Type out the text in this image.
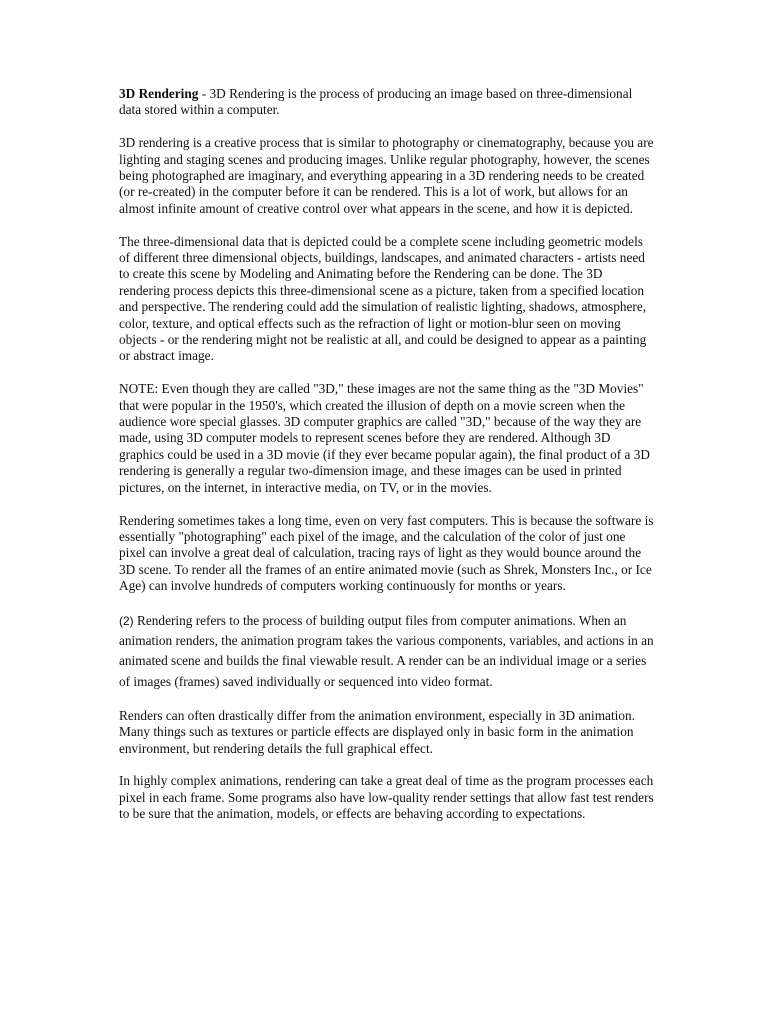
3D Rendering - 3D Rendering is the process of producing an image based on three-dimensional data stored within a computer.

3D rendering is a creative process that is similar to photography or cinematography, because you are lighting and staging scenes and producing images. Unlike regular photography, however, the scenes being photographed are imaginary, and everything appearing in a 3D rendering needs to be created (or re-created) in the computer before it can be rendered. This is a lot of work, but allows for an almost infinite amount of creative control over what appears in the scene, and how it is depicted.

The three-dimensional data that is depicted could be a complete scene including geometric models of different three dimensional objects, buildings, landscapes, and animated characters - artists need to create this scene by Modeling and Animating before the Rendering can be done. The 3D rendering process depicts this three-dimensional scene as a picture, taken from a specified location and perspective. The rendering could add the simulation of realistic lighting, shadows, atmosphere, color, texture, and optical effects such as the refraction of light or motion-blur seen on moving objects - or the rendering might not be realistic at all, and could be designed to appear as a painting or abstract image.

NOTE: Even though they are called "3D," these images are not the same thing as the "3D Movies" that were popular in the 1950's, which created the illusion of depth on a movie screen when the audience wore special glasses. 3D computer graphics are called "3D," because of the way they are made, using 3D computer models to represent scenes before they are rendered. Although 3D graphics could be used in a 3D movie (if they ever became popular again), the final product of a 3D rendering is generally a regular two-dimension image, and these images can be used in printed pictures, on the internet, in interactive media, on TV, or in the movies.

Rendering sometimes takes a long time, even on very fast computers. This is because the software is essentially "photographing" each pixel of the image, and the calculation of the color of just one pixel can involve a great deal of calculation, tracing rays of light as they would bounce around the 3D scene. To render all the frames of an entire animated movie (such as Shrek, Monsters Inc., or Ice Age) can involve hundreds of computers working continuously for months or years.

(2) Rendering refers to the process of building output files from computer animations. When an animation renders, the animation program takes the various components, variables, and actions in an animated scene and builds the final viewable result. A render can be an individual image or a series of images (frames) saved individually or sequenced into video format.

Renders can often drastically differ from the animation environment, especially in 3D animation. Many things such as textures or particle effects are displayed only in basic form in the animation environment, but rendering details the full graphical effect.

In highly complex animations, rendering can take a great deal of time as the program processes each pixel in each frame. Some programs also have low-quality render settings that allow fast test renders to be sure that the animation, models, or effects are behaving according to expectations.
